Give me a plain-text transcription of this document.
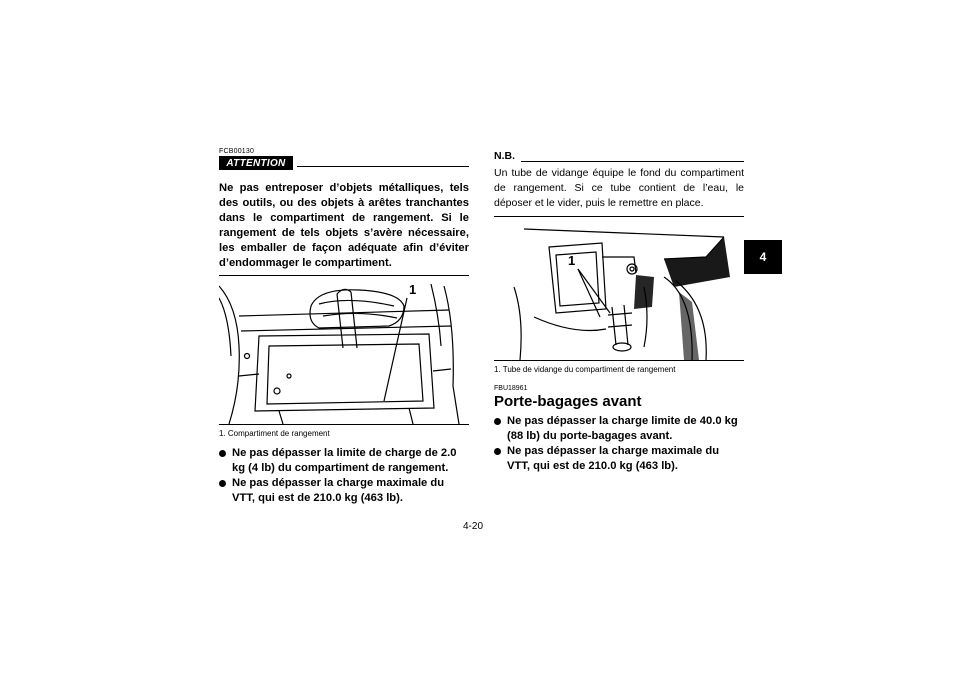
4
FCB00130
ATTENTION
Ne pas entreposer d’objets métalliques, tels des outils, ou des objets à arêtes tranchantes dans le compartiment de rangement. Si le rangement de tels objets s’avère nécessaire, les emballer de façon adéquate afin d’éviter d’endommager le compartiment.
1
1. Compartiment de rangement
Ne pas dépasser la limite de charge de 2.0 kg (4 lb) du compartiment de rangement.
Ne pas dépasser la charge maximale du VTT, qui est de 210.0 kg (463 lb).
N.B.
Un tube de vidange équipe le fond du compartiment de rangement. Si ce tube contient de l’eau, le déposer et le vider, puis le remettre en place.
1
1. Tube de vidange du compartiment de rangement
FBU18961
Porte-bagages avant
Ne pas dépasser la charge limite de 40.0 kg (88 lb) du porte-bagages avant.
Ne pas dépasser la charge maximale du VTT, qui est de 210.0 kg (463 lb).
4-20
